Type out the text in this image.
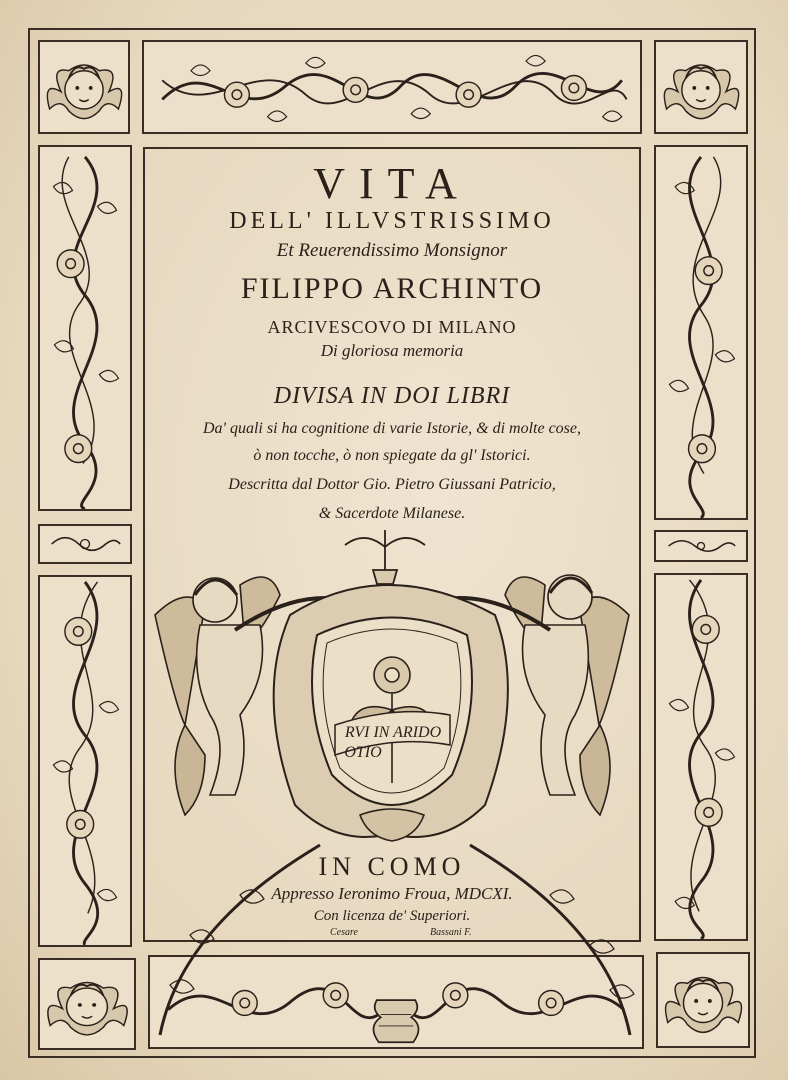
VITA
DELL' ILLVSTRISSIMO
Et Reuerendissimo Monsignor
FILIPPO ARCHINTO
ARCIVESCOVO DI MILANO
Di gloriosa memoria
DIVISA IN DOI LIBRI
Da' quali si ha cognitione di varie Istorie, & di molte cose,
ò non tocche, ò non spiegate da gl' Istorici.
Descritta dal Dottor Gio. Pietro Giussani Patricio,
& Sacerdote Milanese.
RVI IN ARIDO
OTIO
IN COMO
Appresso Ieronimo Froua, MDCXI.
Con licenza de' Superiori.
Cesare	Bassani F.
